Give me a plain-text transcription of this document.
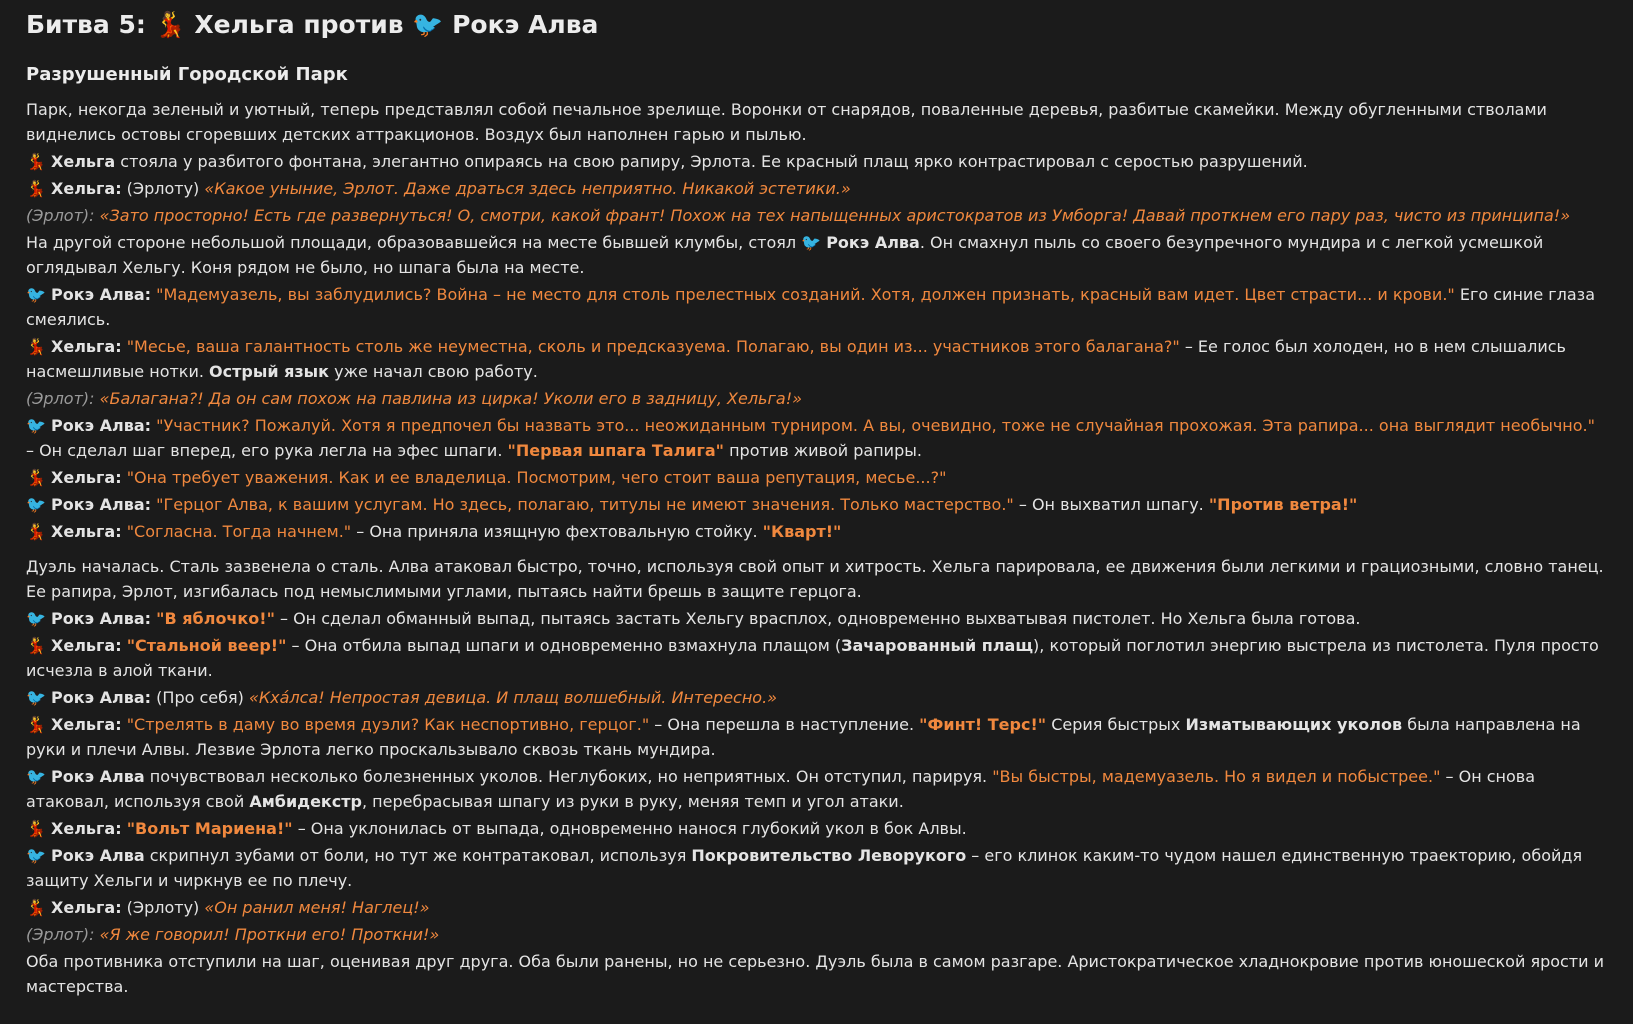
Битва 5: 💃 Хельга против 🐦 Рокэ Алва
Разрушенный Городской Парк

Парк, некогда зеленый и уютный, теперь представлял собой печальное зрелище. Воронки от снарядов, поваленные деревья, разбитые скамейки. Между обугленными стволами виднелись остовы сгоревших детских аттракционов. Воздух был наполнен гарью и пылью.

💃 Хельга стояла у разбитого фонтана, элегантно опираясь на свою рапиру, Эрлота. Ее красный плащ ярко контрастировал с серостью разрушений.

💃 Хельга: (Эрлоту) «Какое уныние, Эрлот. Даже драться здесь неприятно. Никакой эстетики.»

(Эрлот): «Зато просторно! Есть где развернуться! О, смотри, какой франт! Похож на тех напыщенных аристократов из Умборга! Давай проткнем его пару раз, чисто из принципа!»

На другой стороне небольшой площади, образовавшейся на месте бывшей клумбы, стоял 🐦 Рокэ Алва. Он смахнул пыль со своего безупречного мундира и с легкой усмешкой оглядывал Хельгу. Коня рядом не было, но шпага была на месте.

🐦 Рокэ Алва: "Мадемуазель, вы заблудились? Война – не место для столь прелестных созданий. Хотя, должен признать, красный вам идет. Цвет страсти... и крови." Его синие глаза смеялись.

💃 Хельга: "Месье, ваша галантность столь же неуместна, сколь и предсказуема. Полагаю, вы один из... участников этого балагана?" – Ее голос был холоден, но в нем слышались насмешливые нотки. Острый язык уже начал свою работу.

(Эрлот): «Балагана?! Да он сам похож на павлина из цирка! Уколи его в задницу, Хельга!»

🐦 Рокэ Алва: "Участник? Пожалуй. Хотя я предпочел бы назвать это... неожиданным турниром. А вы, очевидно, тоже не случайная прохожая. Эта рапира... она выглядит необычно." – Он сделал шаг вперед, его рука легла на эфес шпаги. "Первая шпага Талига" против живой рапиры.

💃 Хельга: "Она требует уважения. Как и ее владелица. Посмотрим, чего стоит ваша репутация, месье...?"

🐦 Рокэ Алва: "Герцог Алва, к вашим услугам. Но здесь, полагаю, титулы не имеют значения. Только мастерство." – Он выхватил шпагу. "Против ветра!"

💃 Хельга: "Согласна. Тогда начнем." – Она приняла изящную фехтовальную стойку. "Кварт!"

Дуэль началась. Сталь зазвенела о сталь. Алва атаковал быстро, точно, используя свой опыт и хитрость. Хельга парировала, ее движения были легкими и грациозными, словно танец. Ее рапира, Эрлот, изгибалась под немыслимыми углами, пытаясь найти брешь в защите герцога.

🐦 Рокэ Алва: "В яблочко!" – Он сделал обманный выпад, пытаясь застать Хельгу врасплох, одновременно выхватывая пистолет. Но Хельга была готова.

💃 Хельга: "Стальной веер!" – Она отбила выпад шпаги и одновременно взмахнула плащом (Зачарованный плащ), который поглотил энергию выстрела из пистолета. Пуля просто исчезла в алой ткани.

🐦 Рокэ Алва: (Про себя) «Кха́лса! Непростая девица. И плащ волшебный. Интересно.»

💃 Хельга: "Стрелять в даму во время дуэли? Как неспортивно, герцог." – Она перешла в наступление. "Финт! Терс!" Серия быстрых Изматывающих уколов была направлена на руки и плечи Алвы. Лезвие Эрлота легко проскальзывало сквозь ткань мундира.

🐦 Рокэ Алва почувствовал несколько болезненных уколов. Неглубоких, но неприятных. Он отступил, парируя. "Вы быстры, мадемуазель. Но я видел и побыстрее." – Он снова атаковал, используя свой Амбидекстр, перебрасывая шпагу из руки в руку, меняя темп и угол атаки.

💃 Хельга: "Вольт Мариена!" – Она уклонилась от выпада, одновременно нанося глубокий укол в бок Алвы.

🐦 Рокэ Алва скрипнул зубами от боли, но тут же контратаковал, используя Покровительство Леворукого – его клинок каким-то чудом нашел единственную траекторию, обойдя защиту Хельги и чиркнув ее по плечу.

💃 Хельга: (Эрлоту) «Он ранил меня! Наглец!»

(Эрлот): «Я же говорил! Проткни его! Проткни!»

Оба противника отступили на шаг, оценивая друг друга. Оба были ранены, но не серьезно. Дуэль была в самом разгаре. Аристократическое хладнокровие против юношеской ярости и мастерства.
